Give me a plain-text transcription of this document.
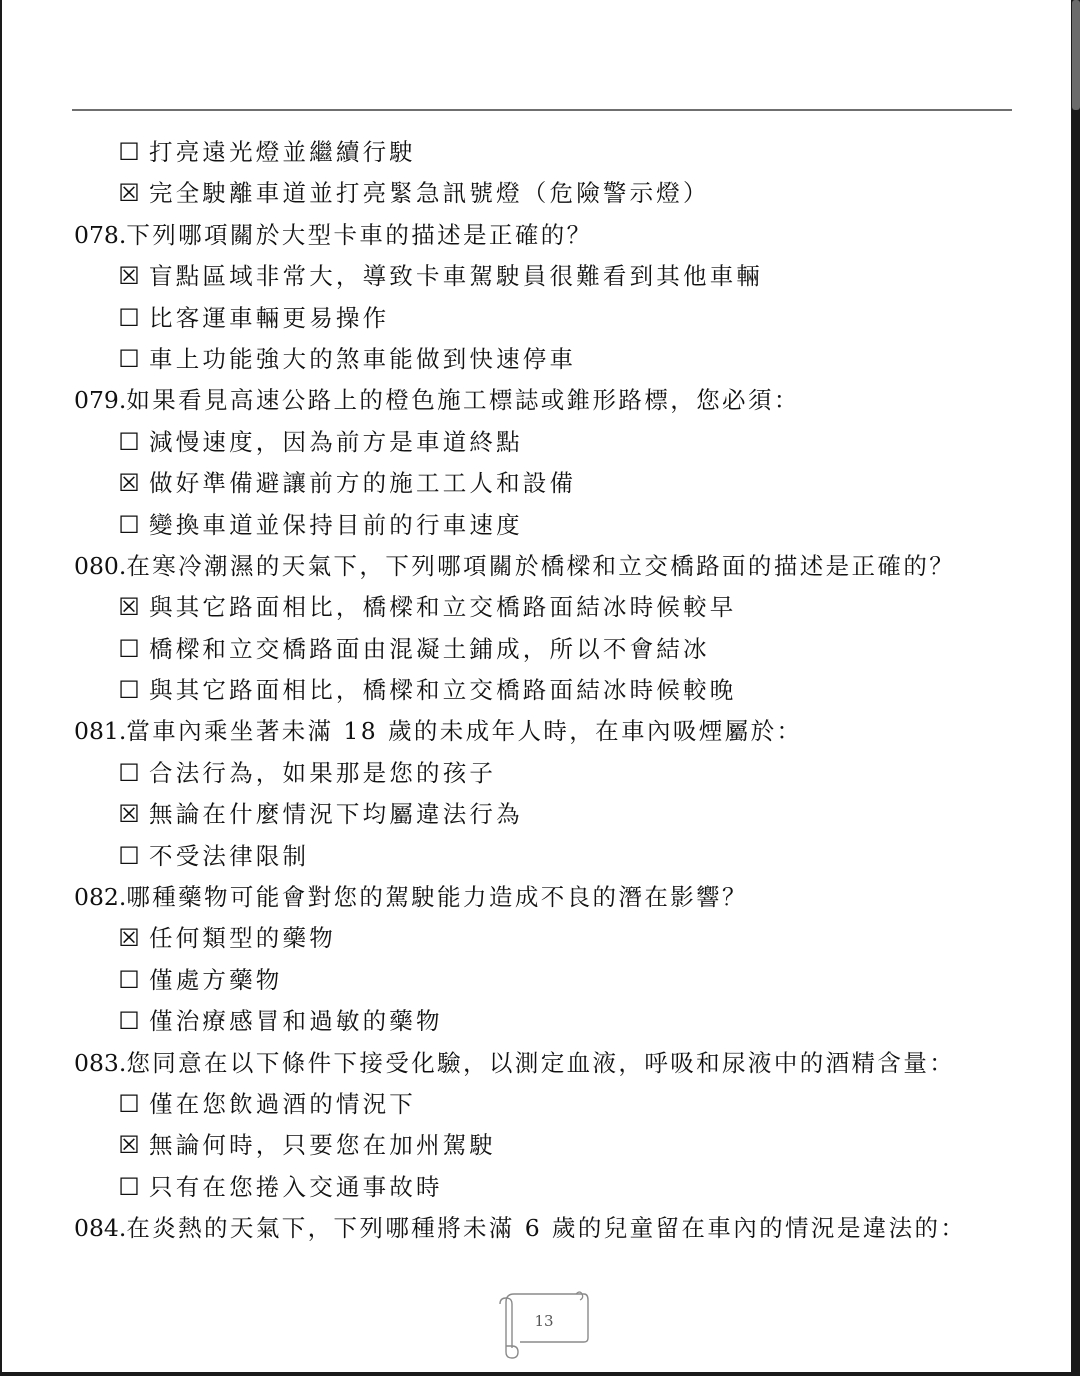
☐ 打亮遠光燈並繼續行駛
☒ 完全駛離車道並打亮緊急訊號燈（危險警示燈）
078.下列哪項關於大型卡車的描述是正確的？
☒ 盲點區域非常大，導致卡車駕駛員很難看到其他車輛
☐ 比客運車輛更易操作
☐ 車上功能強大的煞車能做到快速停車
079.如果看見高速公路上的橙色施工標誌或錐形路標，您必須：
☐ 減慢速度，因為前方是車道終點
☒ 做好準備避讓前方的施工工人和設備
☐ 變換車道並保持目前的行車速度
080.在寒冷潮濕的天氣下，下列哪項關於橋樑和立交橋路面的描述是正確的？
☒ 與其它路面相比，橋樑和立交橋路面結冰時候較早
☐ 橋樑和立交橋路面由混凝土鋪成，所以不會結冰
☐ 與其它路面相比，橋樑和立交橋路面結冰時候較晚
081.當車內乘坐著未滿 18 歲的未成年人時，在車內吸煙屬於：
☐ 合法行為，如果那是您的孩子
☒ 無論在什麼情況下均屬違法行為
☐ 不受法律限制
082.哪種藥物可能會對您的駕駛能力造成不良的潛在影響？
☒ 任何類型的藥物
☐ 僅處方藥物
☐ 僅治療感冒和過敏的藥物
083.您同意在以下條件下接受化驗，以測定血液，呼吸和尿液中的酒精含量：
☐ 僅在您飲過酒的情況下
☒ 無論何時，只要您在加州駕駛
☐ 只有在您捲入交通事故時
084.在炎熱的天氣下，下列哪種將未滿 6 歲的兒童留在車內的情況是違法的：
13
